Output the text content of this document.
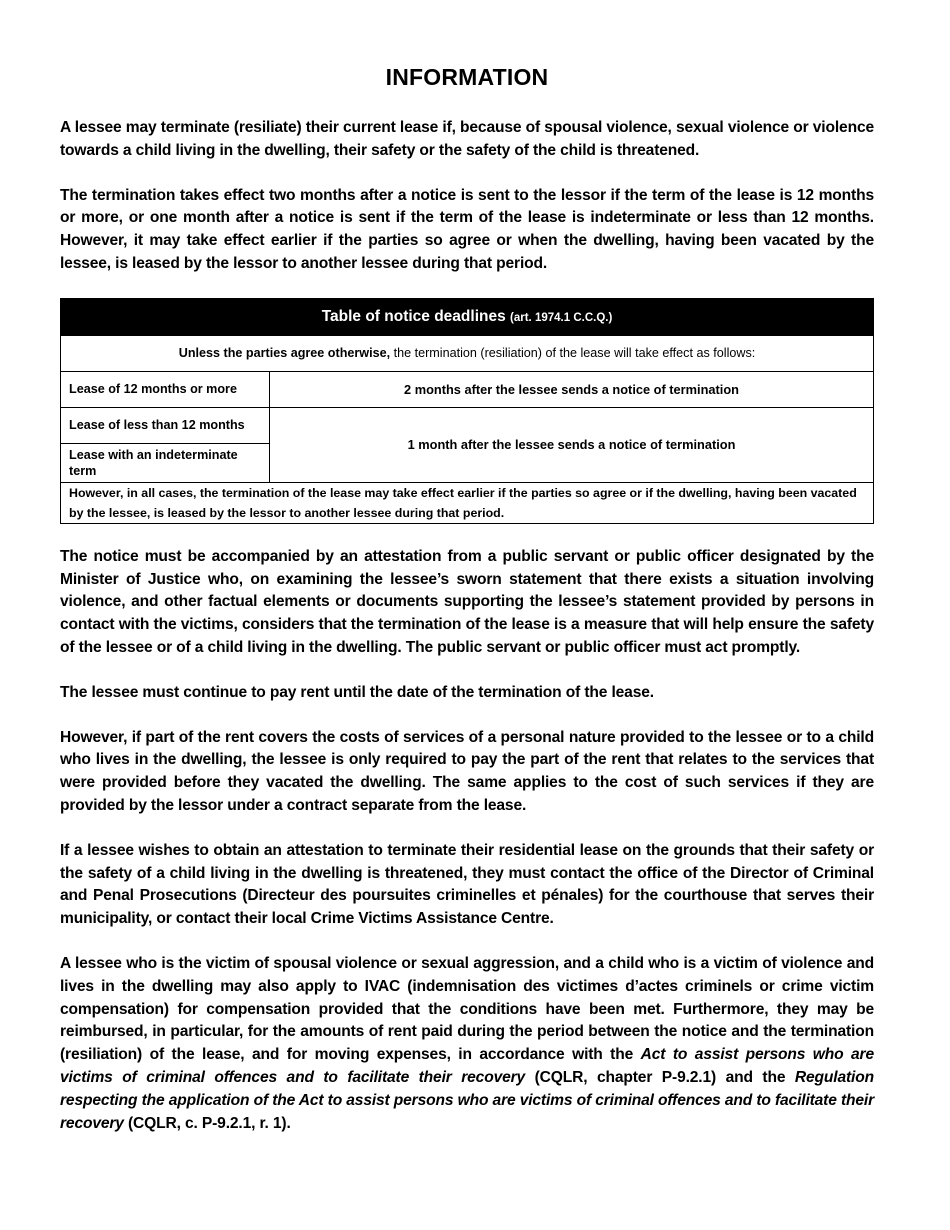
INFORMATION

A lessee may terminate (resiliate) their current lease if, because of spousal violence, sexual violence or violence towards a child living in the dwelling, their safety or the safety of the child is threatened.

The termination takes effect two months after a notice is sent to the lessor if the term of the lease is 12 months or more, or one month after a notice is sent if the term of the lease is indeterminate or less than 12 months. However, it may take effect earlier if the parties so agree or when the dwelling, having been vacated by the lessee, is leased by the lessor to another lessee during that period.

Table of notice deadlines (art. 1974.1 C.C.Q.)	
Unless the parties agree otherwise, the termination (resiliation) of the lease will take effect as follows:	
Lease of 12 months or more	2 months after the lessee sends a notice of termination
Lease of less than 12 months	1 month after the lessee sends a notice of termination
Lease with an indeterminate term	
However, in all cases, the termination of the lease may take effect earlier if the parties so agree or if the dwelling, having been vacated by the lessee, is leased by the lessor to another lessee during that period.	

The notice must be accompanied by an attestation from a public servant or public officer designated by the Minister of Justice who, on examining the lessee’s sworn statement that there exists a situation involving violence, and other factual elements or documents supporting the lessee’s statement provided by persons in contact with the victims, considers that the termination of the lease is a measure that will help ensure the safety of the lessee or of a child living in the dwelling. The public servant or public officer must act promptly.

The lessee must continue to pay rent until the date of the termination of the lease.

However, if part of the rent covers the costs of services of a personal nature provided to the lessee or to a child who lives in the dwelling, the lessee is only required to pay the part of the rent that relates to the services that were provided before they vacated the dwelling. The same applies to the cost of such services if they are provided by the lessor under a contract separate from the lease.

If a lessee wishes to obtain an attestation to terminate their residential lease on the grounds that their safety or the safety of a child living in the dwelling is threatened, they must contact the office of the Director of Criminal and Penal Prosecutions (Directeur des poursuites criminelles et pénales) for the courthouse that serves their municipality, or contact their local Crime Victims Assistance Centre.

A lessee who is the victim of spousal violence or sexual aggression, and a child who is a victim of violence and lives in the dwelling may also apply to IVAC (indemnisation des victimes d’actes criminels or crime victim compensation) for compensation provided that the conditions have been met. Furthermore, they may be reimbursed, in particular, for the amounts of rent paid during the period between the notice and the termination (resiliation) of the lease, and for moving expenses, in accordance with the Act to assist persons who are victims of criminal offences and to facilitate their recovery (CQLR, chapter P-9.2.1) and the Regulation respecting the application of the Act to assist persons who are victims of criminal offences and to facilitate their recovery (CQLR, c. P-9.2.1, r. 1).
